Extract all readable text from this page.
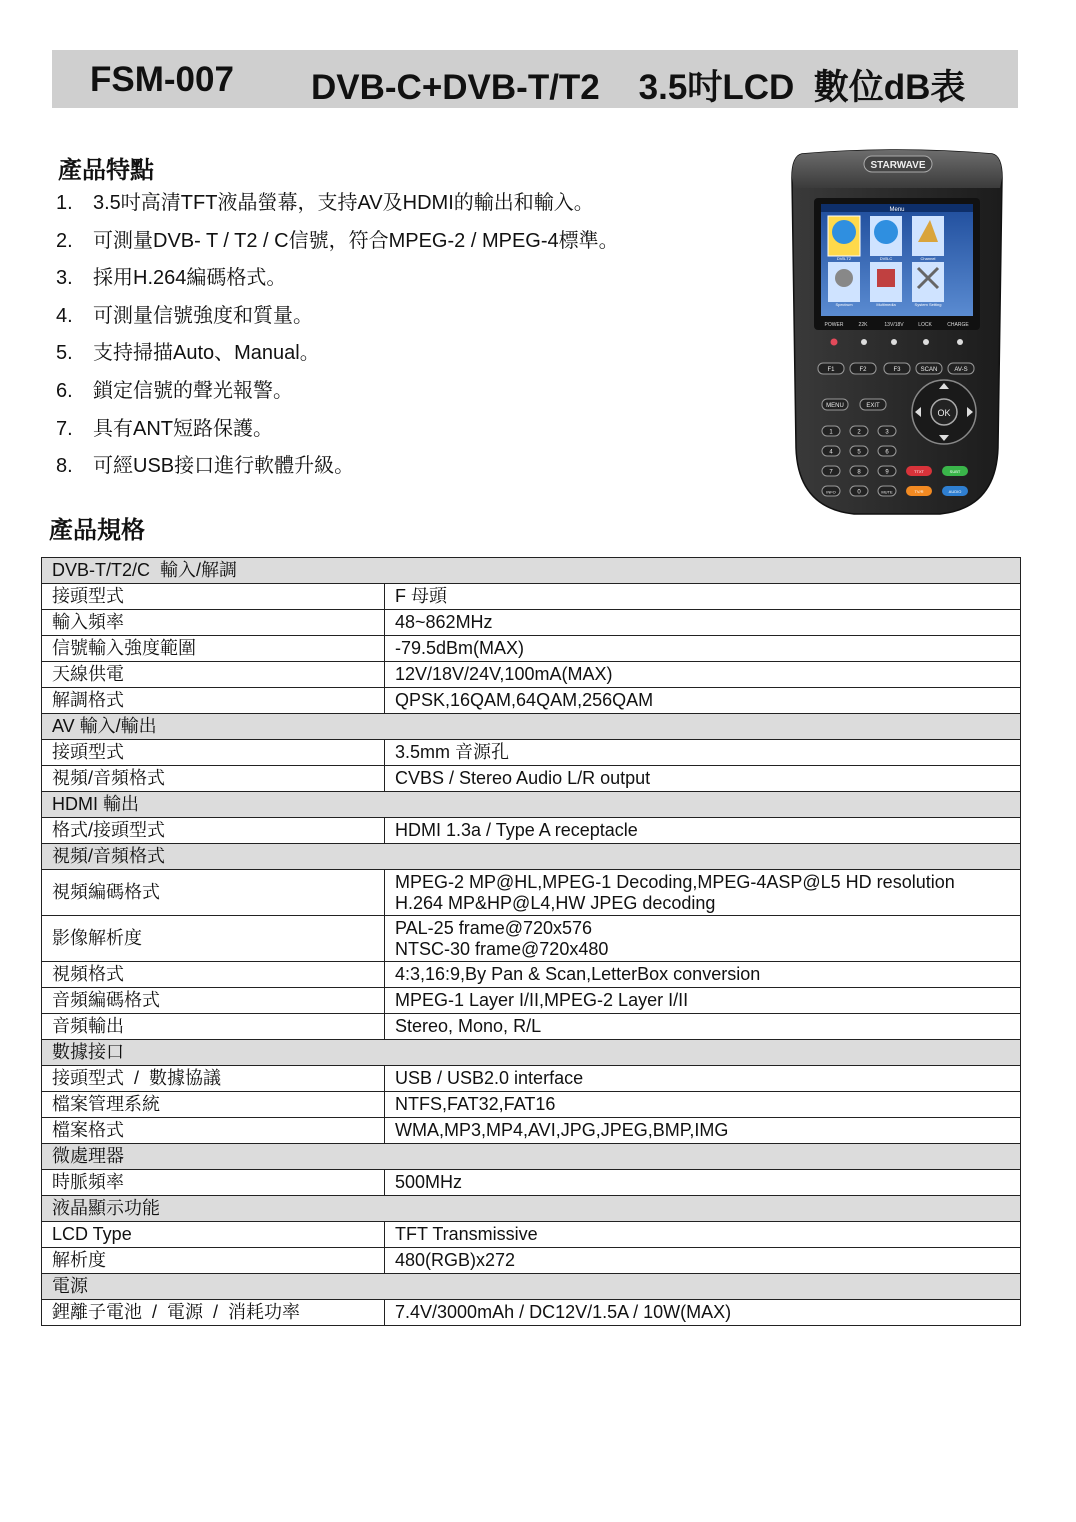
FSM-007 DVB-C+DVB-T/T2    3.5吋LCD  數位dB表
產品特點
1.	3.5吋高清TFT液晶螢幕，支持AV及HDMI的輸出和輸入。
2.	可測量DVB- T / T2 / C信號，符合MPEG-2 / MPEG-4標準。
3.	採用H.264編碼格式。
4.	可測量信號強度和質量。
5.	支持掃描Auto、Manual。
6.	鎖定信號的聲光報警。
7.	具有ANT短路保護。
8.	可經USB接口進行軟體升級。
STARWAVE
Menu
DVB-T2	DVB-C	Channel
Spectrum	Multimedia	System Setting
POWER	22K	13V/18V	LOCK	CHARGE
F1	F2	F3	SCAN	AV-S
MENU	EXIT
OK
1	2	3
4	5	6
7	8	9
INFO	0	MUTE
TTXT	SUBT
TV/R	AUDIO
產品規格
DVB-T/T2/C  輸入/解調	
接頭型式	F 母頭
輸入頻率	48~862MHz
信號輸入強度範圍	-79.5dBm(MAX)
天線供電	12V/18V/24V,100mA(MAX)
解調格式	QPSK,16QAM,64QAM,256QAM
AV 輸入/輸出	
接頭型式	3.5mm 音源孔
視頻/音頻格式	CVBS / Stereo Audio L/R output
HDMI 輸出	
格式/接頭型式	HDMI 1.3a / Type A receptacle
視頻/音頻格式	
視頻編碼格式	MPEG-2 MP@HL,MPEG-1 Decoding,MPEG-4ASP@L5 HD resolution
H.264 MP&HP@L4,HW JPEG decoding

影像解析度	PAL-25 frame@720x576
NTSC-30 frame@720x480

視頻格式	4:3,16:9,By Pan & Scan,LetterBox conversion
音頻編碼格式	MPEG-1 Layer I/II,MPEG-2 Layer I/II
音頻輸出	Stereo, Mono, R/L
數據接口	
接頭型式  /  數據協議	USB / USB2.0 interface
檔案管理系統	NTFS,FAT32,FAT16
檔案格式	WMA,MP3,MP4,AVI,JPG,JPEG,BMP,IMG
微處理器	
時脈頻率	500MHz
液晶顯示功能	
LCD Type	TFT Transmissive
解析度	480(RGB)x272
電源	
鋰離子電池  /  電源  /  消耗功率	7.4V/3000mAh / DC12V/1.5A / 10W(MAX)
